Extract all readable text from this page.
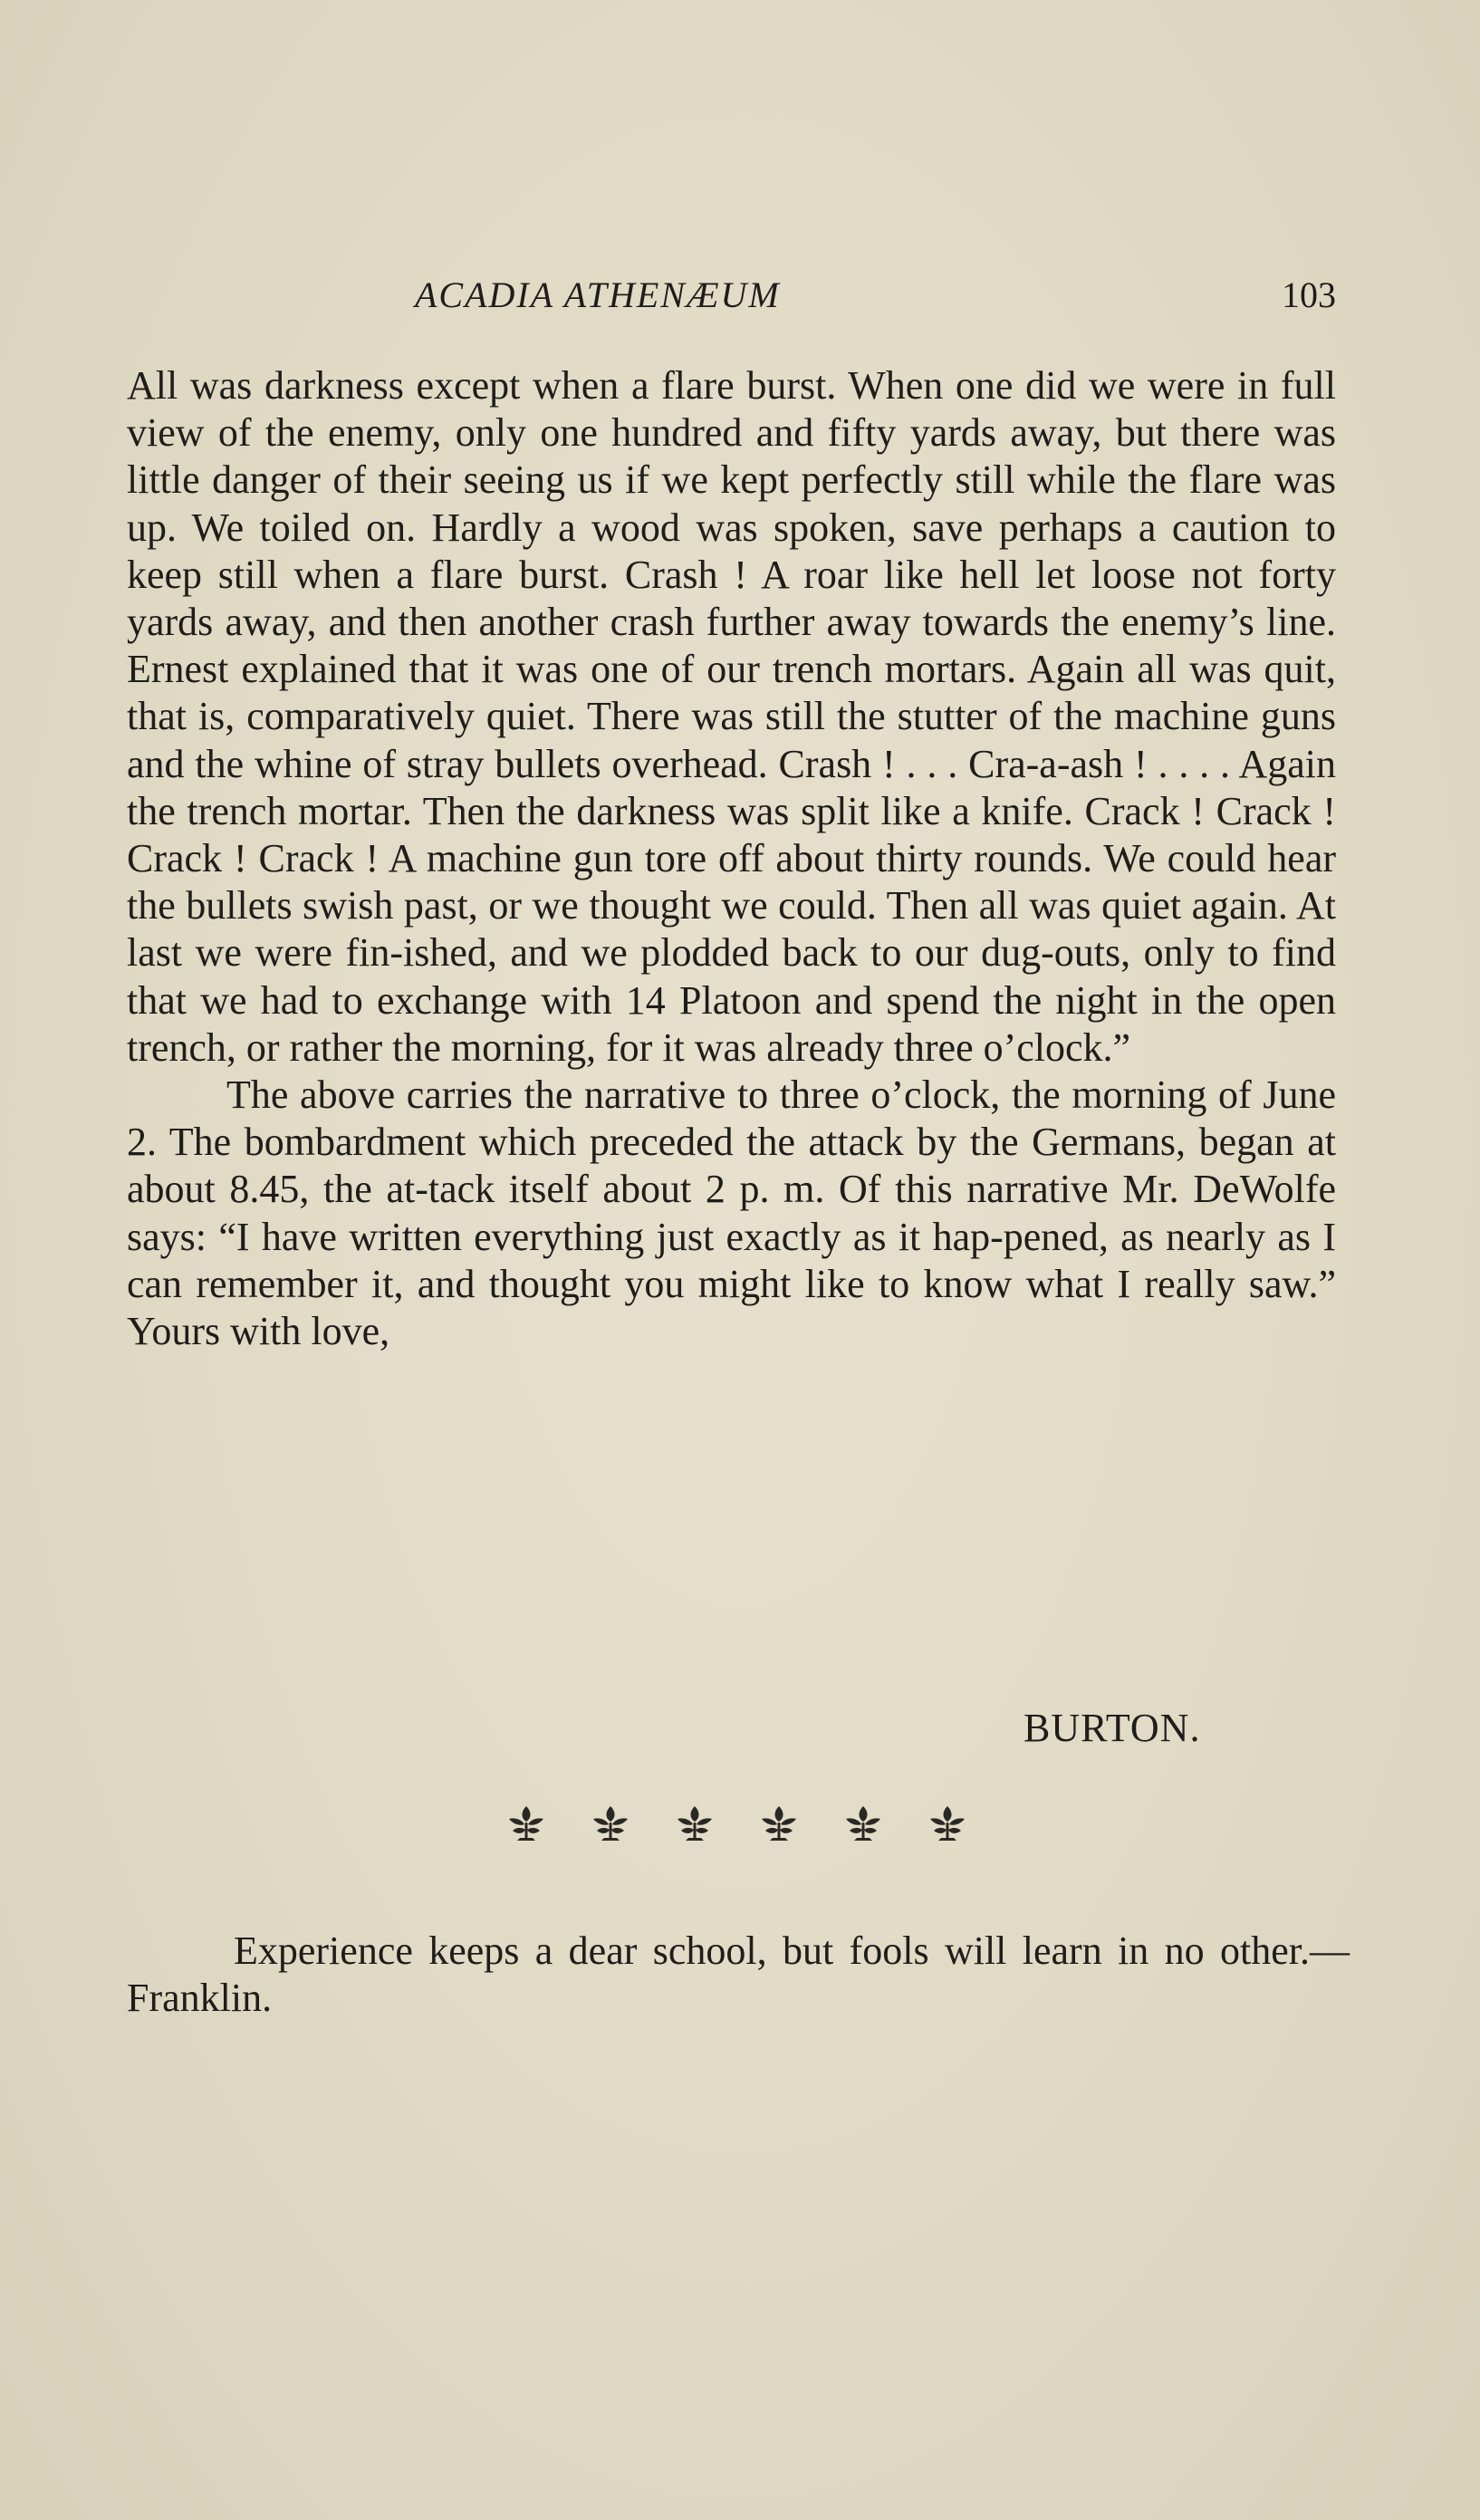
ACADIA ATHENÆUM	103

All was darkness except when a flare burst. When one did we were in full view of the enemy, only one hundred and fifty yards away, but there was little danger of their seeing us if we kept perfectly still while the flare was up. We toiled on. Hardly a wood was spoken, save perhaps a caution to keep still when a flare burst. Crash ! A roar like hell let loose not forty yards away, and then another crash further away towards the enemy’s line. Ernest explained that it was one of our trench mortars. Again all was quit, that is, comparatively quiet. There was still the stutter of the machine guns and the whine of stray bullets overhead. Crash ! . . . Cra-a-ash ! . . . . Again the trench mortar. Then the darkness was split like a knife. Crack ! Crack ! Crack ! Crack ! A machine gun tore off about thirty rounds. We could hear the bullets swish past, or we thought we could. Then all was quiet again. At last we were fin-ished, and we plodded back to our dug-outs, only to find that we had to exchange with 14 Platoon and spend the night in the open trench, or rather the morning, for it was already three o’clock.”

The above carries the narrative to three o’clock, the morning of June 2. The bombardment which preceded the attack by the Germans, began at about 8.45, the at-tack itself about 2 p. m. Of this narrative Mr. DeWolfe says: “I have written everything just exactly as it hap-pened, as nearly as I can remember it, and thought you might like to know what I really saw.” Yours with love,

BURTON.

Experience keeps a dear school, but fools will learn in no other.—Franklin.
